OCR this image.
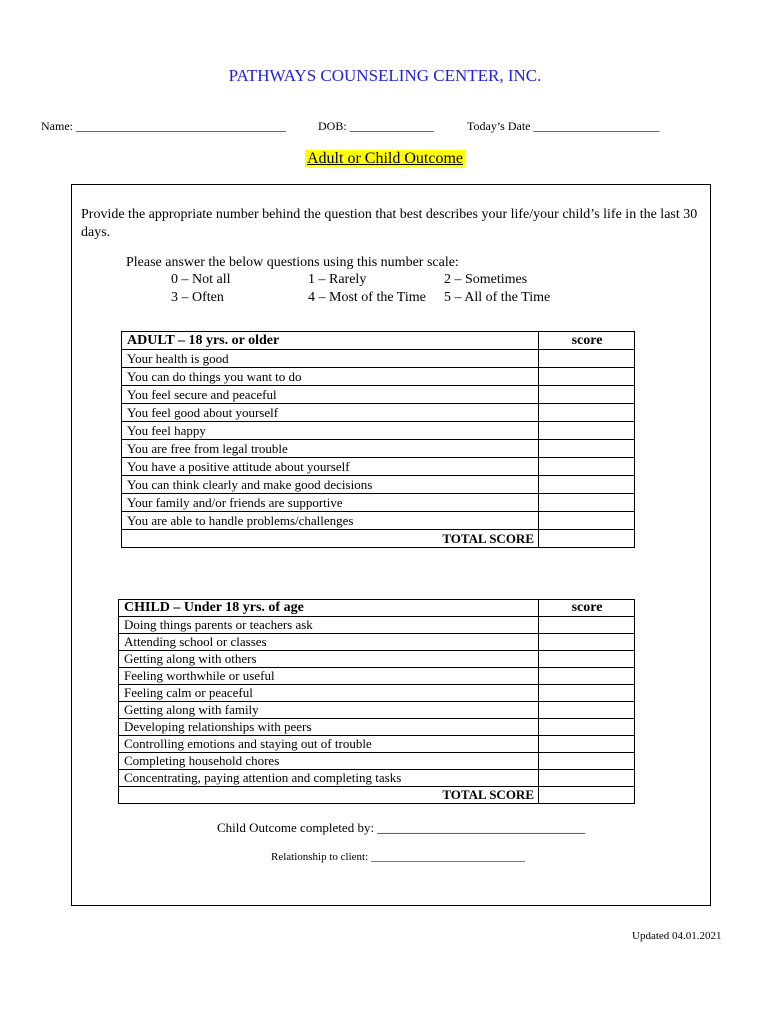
PATHWAYS COUNSELING CENTER, INC.
Name: ___________________________________	DOB: ______________	Today’s Date _____________________
Adult or Child Outcome
Provide the appropriate number behind the question that best describes your life/your child’s life in the last 30 days.
Please answer the below questions using this number scale:
0 – Not all	1 – Rarely	2 – Sometimes
3 – Often	4 – Most of the Time 5 – All of the Time
ADULT – 18 yrs. or older	score
Your health is good	
You can do things you want to do	
You feel secure and peaceful	
You feel good about yourself	
You feel happy	
You are free from legal trouble	
You have a positive attitude about yourself	
You can think clearly and make good decisions	
Your family and/or friends are supportive	
You are able to handle problems/challenges	
TOTAL SCORE	
CHILD – Under 18 yrs. of age	score
Doing things parents or teachers ask	
Attending school or classes	
Getting along with others	
Feeling worthwhile or useful	
Feeling calm or peaceful	
Getting along with family	
Developing relationships with peers	
Controlling emotions and staying out of trouble	
Completing household chores	
Concentrating, paying attention and completing tasks	
TOTAL SCORE	
Child Outcome completed by: ________________________________
Relationship to client: ____________________________
Updated 04.01.2021
